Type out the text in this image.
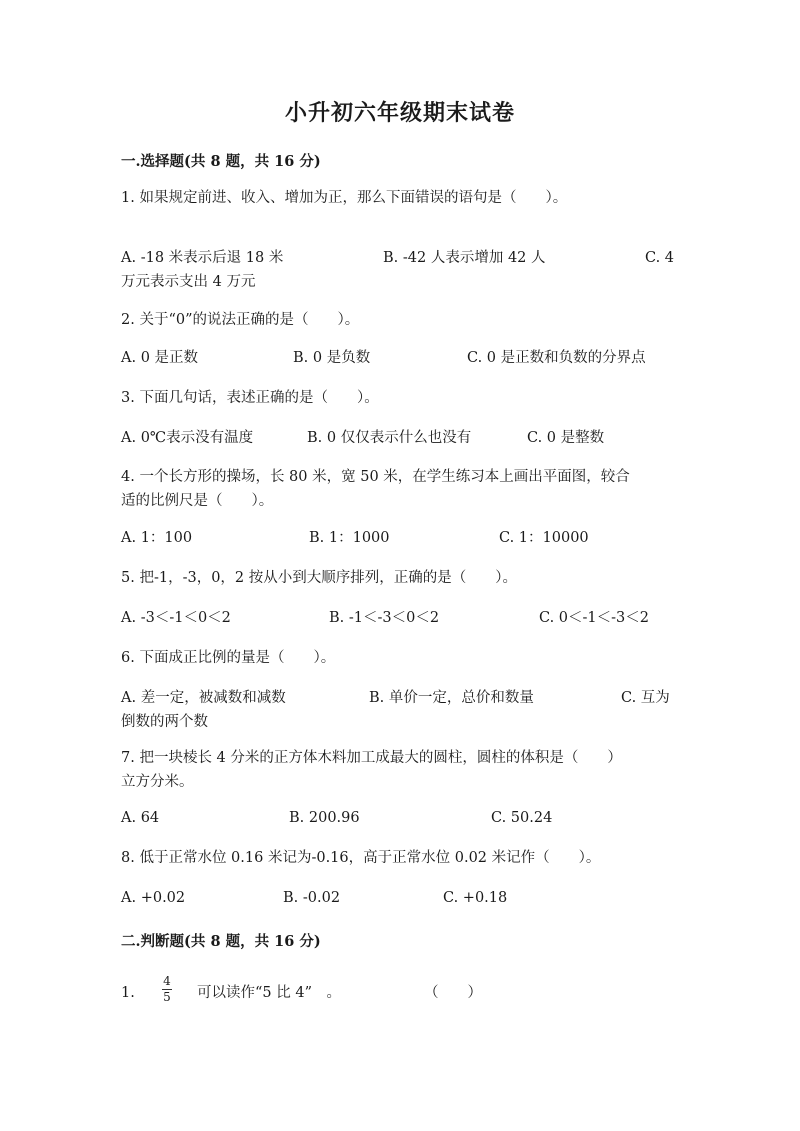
小升初六年级期末试卷
一.选择题(共 8 题，共 16 分)
1. 如果规定前进、收入、增加为正，那么下面错误的语句是（　　）。
A. -18 米表示后退 18 米	B. -42 人表示增加 42 人	C. 4
万元表示支出 4 万元
2. 关于“0”的说法正确的是（　　）。
A. 0 是正数	B. 0 是负数	C. 0 是正数和负数的分界点
3. 下面几句话，表述正确的是（　　）。
A. 0℃表示没有温度	B. 0 仅仅表示什么也没有	C. 0 是整数
4. 一个长方形的操场，长 80 米，宽 50 米，在学生练习本上画出平面图，较合
适的比例尺是（　　）。
A. 1：100	B. 1：1000	C. 1：10000
5. 把-1，-3，0，2 按从小到大顺序排列，正确的是（　　）。
A. -3＜-1＜0＜2	B. -1＜-3＜0＜2	C. 0＜-1＜-3＜2
6. 下面成正比例的量是（　　）。
A. 差一定，被减数和减数	B. 单价一定，总价和数量	C. 互为
倒数的两个数
7. 把一块棱长 4 分米的正方体木料加工成最大的圆柱，圆柱的体积是（　　）
立方分米。
A. 64	B. 200.96	C. 50.24
8. 低于正常水位 0.16 米记为-0.16，高于正常水位 0.02 米记作（　　）。
A. +0.02	B. -0.02	C. +0.18
二.判断题(共 8 题，共 16 分)
1.
4
5 可以读作“5 比 4”　。	（　　）
